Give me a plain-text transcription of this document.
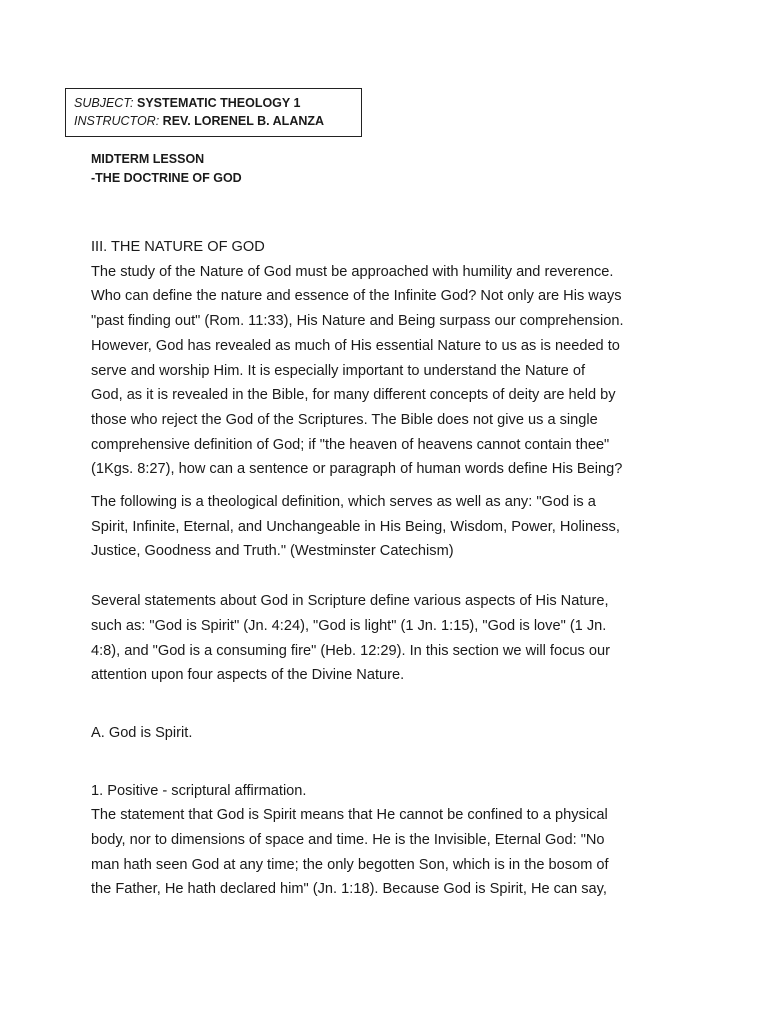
SUBJECT: SYSTEMATIC THEOLOGY 1
INSTRUCTOR: REV. LORENEL B. ALANZA
MIDTERM LESSON
-THE DOCTRINE OF GOD

III. THE NATURE OF GOD

The study of the Nature of God must be approached with humility and reverence.
Who can define the nature and essence of the Infinite God? Not only are His ways
"past finding out" (Rom. 11:33), His Nature and Being surpass our comprehension.
However, God has revealed as much of His essential Nature to us as is needed to
serve and worship Him. It is especially important to understand the Nature of
God, as it is revealed in the Bible, for many different concepts of deity are held by
those who reject the God of the Scriptures. The Bible does not give us a single
comprehensive definition of God; if "the heaven of heavens cannot contain thee"
(1Kgs. 8:27), how can a sentence or paragraph of human words define His Being?

The following is a theological definition, which serves as well as any: "God is a
Spirit, Infinite, Eternal, and Unchangeable in His Being, Wisdom, Power, Holiness,
Justice, Goodness and Truth." (Westminster Catechism)

Several statements about God in Scripture define various aspects of His Nature,
such as: "God is Spirit" (Jn. 4:24), "God is light" (1 Jn. 1:15), "God is love" (1 Jn.
4:8), and "God is a consuming fire" (Heb. 12:29). In this section we will focus our
attention upon four aspects of the Divine Nature.

A. God is Spirit.

1. Positive - scriptural affirmation.

The statement that God is Spirit means that He cannot be confined to a physical
body, nor to dimensions of space and time. He is the Invisible, Eternal God: "No
man hath seen God at any time; the only begotten Son, which is in the bosom of
the Father, He hath declared him" (Jn. 1:18). Because God is Spirit, He can say,
